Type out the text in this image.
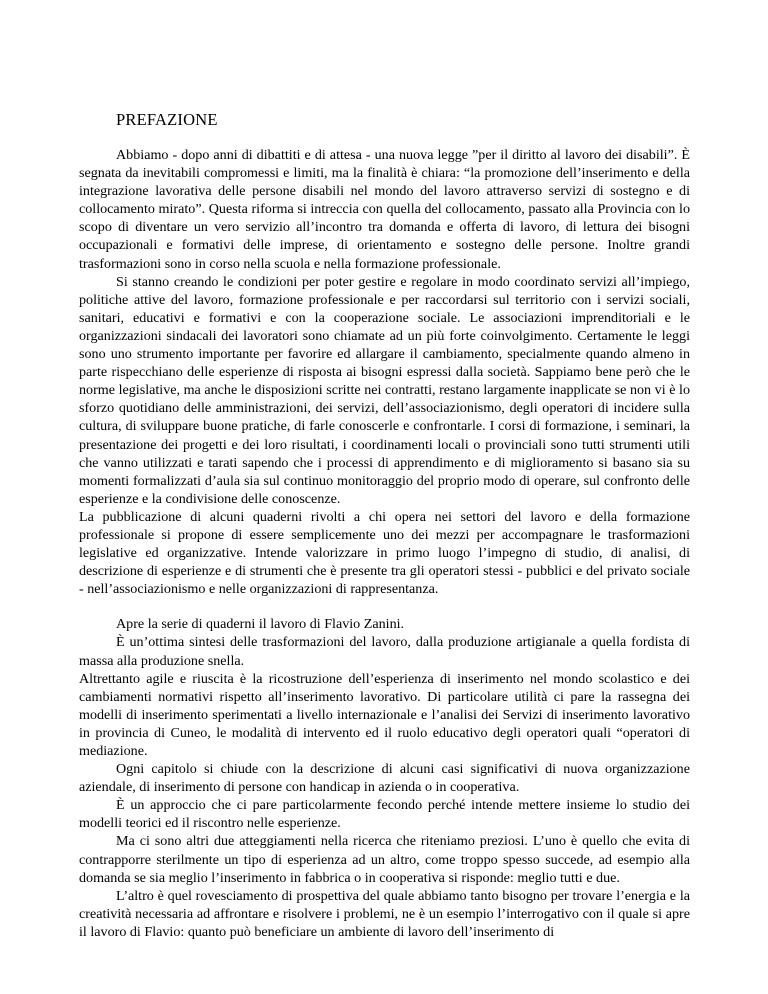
PREFAZIONE

Abbiamo - dopo anni di dibattiti e di attesa - una nuova legge ”per il diritto al lavoro dei disabili”. È segnata da inevitabili compromessi e limiti, ma la finalità è chiara: “la promozione dell’inserimento e della integrazione lavorativa delle persone disabili nel mondo del lavoro attraverso servizi di sostegno e di collocamento mirato”. Questa riforma si intreccia con quella del collocamento, passato alla Provincia con lo scopo di diventare un vero servizio all’incontro tra domanda e offerta di lavoro, di lettura dei bisogni occupazionali e formativi delle imprese, di orientamento e sostegno delle persone. Inoltre grandi trasformazioni sono in corso nella scuola e nella formazione professionale.

Si stanno creando le condizioni per poter gestire e regolare in modo coordinato servizi all’impiego, politiche attive del lavoro, formazione professionale e per raccordarsi sul territorio con i servizi sociali, sanitari, educativi e formativi e con la cooperazione sociale. Le associazioni imprenditoriali e le organizzazioni sindacali dei lavoratori sono chiamate ad un più forte coinvolgimento. Certamente le leggi sono uno strumento importante per favorire ed allargare il cambiamento, specialmente quando almeno in parte rispecchiano delle esperienze di risposta ai bisogni espressi dalla società. Sappiamo bene però che le norme legislative, ma anche le disposizioni scritte nei contratti, restano largamente inapplicate se non vi è lo sforzo quotidiano delle amministrazioni, dei servizi, dell’associazionismo, degli operatori di incidere sulla cultura, di sviluppare buone pratiche, di farle conoscerle e confrontarle. I corsi di formazione, i seminari, la presentazione dei progetti e dei loro risultati, i coordinamenti locali o provinciali sono tutti strumenti utili che vanno utilizzati e tarati sapendo che i processi di apprendimento e di miglioramento si basano sia su momenti formalizzati d’aula sia sul continuo monitoraggio del proprio modo di operare, sul confronto delle esperienze e la condivisione delle conoscenze.

La pubblicazione di alcuni quaderni rivolti a chi opera nei settori del lavoro e della formazione professionale si propone di essere semplicemente uno dei mezzi per accompagnare le trasformazioni legislative ed organizzative. Intende valorizzare in primo luogo l’impegno di studio, di analisi, di descrizione di esperienze e di strumenti che è presente tra gli operatori stessi - pubblici e del privato sociale - nell’associazionismo e nelle organizzazioni di rappresentanza.

Apre la serie di quaderni il lavoro di Flavio Zanini.

È un’ottima sintesi delle trasformazioni del lavoro, dalla produzione artigianale a quella fordista di massa alla produzione snella.

Altrettanto agile e riuscita è la ricostruzione dell’esperienza di inserimento nel mondo scolastico e dei cambiamenti normativi rispetto all’inserimento lavorativo. Di particolare utilità ci pare la rassegna dei modelli di inserimento sperimentati a livello internazionale e l’analisi dei Servizi di inserimento lavorativo in provincia di Cuneo, le modalità di intervento ed il ruolo educativo degli operatori quali “operatori di mediazione.

Ogni capitolo si chiude con la descrizione di alcuni casi significativi di nuova organizzazione aziendale, di inserimento di persone con handicap in azienda o in cooperativa.

È un approccio che ci pare particolarmente fecondo perché intende mettere insieme lo studio dei modelli teorici ed il riscontro nelle esperienze.

Ma ci sono altri due atteggiamenti nella ricerca che riteniamo preziosi. L’uno è quello che evita di contrapporre sterilmente un tipo di esperienza ad un altro, come troppo spesso succede, ad esempio alla domanda se sia meglio l’inserimento in fabbrica o in cooperativa si risponde: meglio tutti e due.

L’altro è quel rovesciamento di prospettiva del quale abbiamo tanto bisogno per trovare l’energia e la creatività necessaria ad affrontare e risolvere i problemi, ne è un esempio l’interrogativo con il quale si apre il lavoro di Flavio: quanto può beneficiare un ambiente di lavoro dell’inserimento di
